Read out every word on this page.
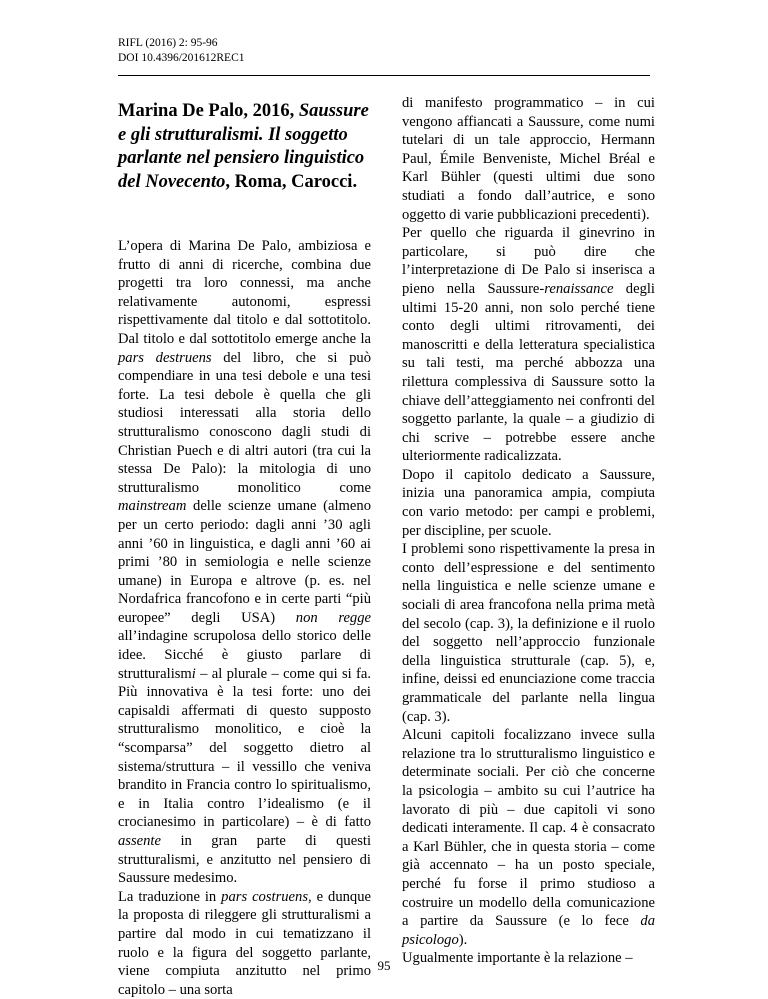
RIFL (2016) 2: 95-96
DOI 10.4396/201612REC1
Marina De Palo, 2016, Saussure e gli strutturalismi. Il soggetto parlante nel pensiero linguistico del Novecento, Roma, Carocci.

L’opera di Marina De Palo, ambiziosa e frutto di anni di ricerche, combina due progetti tra loro connessi, ma anche relativamente autonomi, espressi rispettivamente dal titolo e dal sottotitolo. Dal titolo e dal sottotitolo emerge anche la pars destruens del libro, che si può compendiare in una tesi debole e una tesi forte. La tesi debole è quella che gli studiosi interessati alla storia dello strutturalismo conoscono dagli studi di Christian Puech e di altri autori (tra cui la stessa De Palo): la mitologia di uno strutturalismo monolitico come mainstream delle scienze umane (almeno per un certo periodo: dagli anni ’30 agli anni ’60 in linguistica, e dagli anni ’60 ai primi ’80 in semiologia e nelle scienze umane) in Europa e altrove (p. es. nel Nordafrica francofono e in certe parti “più europee” degli USA) non regge all’indagine scrupolosa dello storico delle idee. Sicché è giusto parlare di strutturalismi – al plurale – come qui si fa. Più innovativa è la tesi forte: uno dei capisaldi affermati di questo supposto strutturalismo monolitico, e cioè la “scomparsa” del soggetto dietro al sistema/struttura – il vessillo che veniva brandito in Francia contro lo spiritualismo, e in Italia contro l’idealismo (e il crocianesimo in particolare) – è di fatto assente in gran parte di questi strutturalismi, e anzitutto nel pensiero di Saussure medesimo.

La traduzione in pars costruens, e dunque la proposta di rileggere gli strutturalismi a partire dal modo in cui tematizzano il ruolo e la figura del soggetto parlante, viene compiuta anzitutto nel primo capitolo – una sorta

di manifesto programmatico – in cui vengono affiancati a Saussure, come numi tutelari di un tale approccio, Hermann Paul, Émile Benveniste, Michel Bréal e Karl Bühler (questi ultimi due sono studiati a fondo dall’autrice, e sono oggetto di varie pubblicazioni precedenti).

Per quello che riguarda il ginevrino in particolare, si può dire che l’interpretazione di De Palo si inserisca a pieno nella Saussure-renaissance degli ultimi 15-20 anni, non solo perché tiene conto degli ultimi ritrovamenti, dei manoscritti e della letteratura specialistica su tali testi, ma perché abbozza una rilettura complessiva di Saussure sotto la chiave dell’atteggiamento nei confronti del soggetto parlante, la quale – a giudizio di chi scrive – potrebbe essere anche ulteriormente radicalizzata.

Dopo il capitolo dedicato a Saussure, inizia una panoramica ampia, compiuta con vario metodo: per campi e problemi, per discipline, per scuole.

I problemi sono rispettivamente la presa in conto dell’espressione e del sentimento nella linguistica e nelle scienze umane e sociali di area francofona nella prima metà del secolo (cap. 3), la definizione e il ruolo del soggetto nell’approccio funzionale della linguistica strutturale (cap. 5), e, infine, deissi ed enunciazione come traccia grammaticale del parlante nella lingua (cap. 3).

Alcuni capitoli focalizzano invece sulla relazione tra lo strutturalismo linguistico e determinate sociali. Per ciò che concerne la psicologia – ambito su cui l’autrice ha lavorato di più – due capitoli vi sono dedicati interamente. Il cap. 4 è consacrato a Karl Bühler, che in questa storia – come già accennato – ha un posto speciale, perché fu forse il primo studioso a costruire un modello della comunicazione a partire da Saussure (e lo fece da psicologo).

Ugualmente importante è la relazione –

95
